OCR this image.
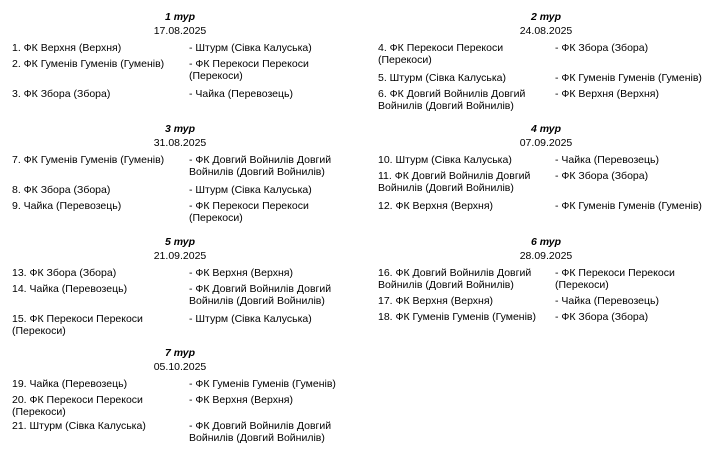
1 тур
17.08.2025
1. ФК Верхня (Верхня)	- Штурм (Сівка Калуська)
2. ФК Гуменів Гуменів (Гуменів)	- ФК Перекоси Перекоси (Перекоси)
3. ФК Збора (Збора)	- Чайка (Перевозець)
2 тур
24.08.2025
4. ФК Перекоси Перекоси (Перекоси)
- ФК Збора (Збора)
5. Штурм (Сівка Калуська)	- ФК Гуменів Гуменів (Гуменів)
6. ФК Довгий Войнилів Довгий Войнилів (Довгий Войнилів)
- ФК Верхня (Верхня)
3 тур
31.08.2025
7. ФК Гуменів Гуменів (Гуменів)	- ФК Довгий Войнилів Довгий Войнилів (Довгий Войнилів)
8. ФК Збора (Збора)	- Штурм (Сівка Калуська)
9. Чайка (Перевозець)	- ФК Перекоси Перекоси (Перекоси)
4 тур
07.09.2025
10. Штурм (Сівка Калуська)	- Чайка (Перевозець)
11. ФК Довгий Войнилів Довгий Войнилів (Довгий Войнилів)
- ФК Збора (Збора)
12. ФК Верхня (Верхня)	- ФК Гуменів Гуменів (Гуменів)
5 тур
21.09.2025
13. ФК Збора (Збора)	- ФК Верхня (Верхня)
14. Чайка (Перевозець)	- ФК Довгий Войнилів Довгий Войнилів (Довгий Войнилів)
15. ФК Перекоси Перекоси (Перекоси)
- Штурм (Сівка Калуська)
6 тур
28.09.2025
16. ФК Довгий Войнилів Довгий Войнилів (Довгий Войнилів)
- ФК Перекоси Перекоси (Перекоси)
17. ФК Верхня (Верхня)	- Чайка (Перевозець)
18. ФК Гуменів Гуменів (Гуменів)	- ФК Збора (Збора)
7 тур
05.10.2025
19. Чайка (Перевозець)	- ФК Гуменів Гуменів (Гуменів)
20. ФК Перекоси Перекоси (Перекоси)
- ФК Верхня (Верхня)
21. Штурм (Сівка Калуська)	- ФК Довгий Войнилів Довгий Войнилів (Довгий Войнилів)
